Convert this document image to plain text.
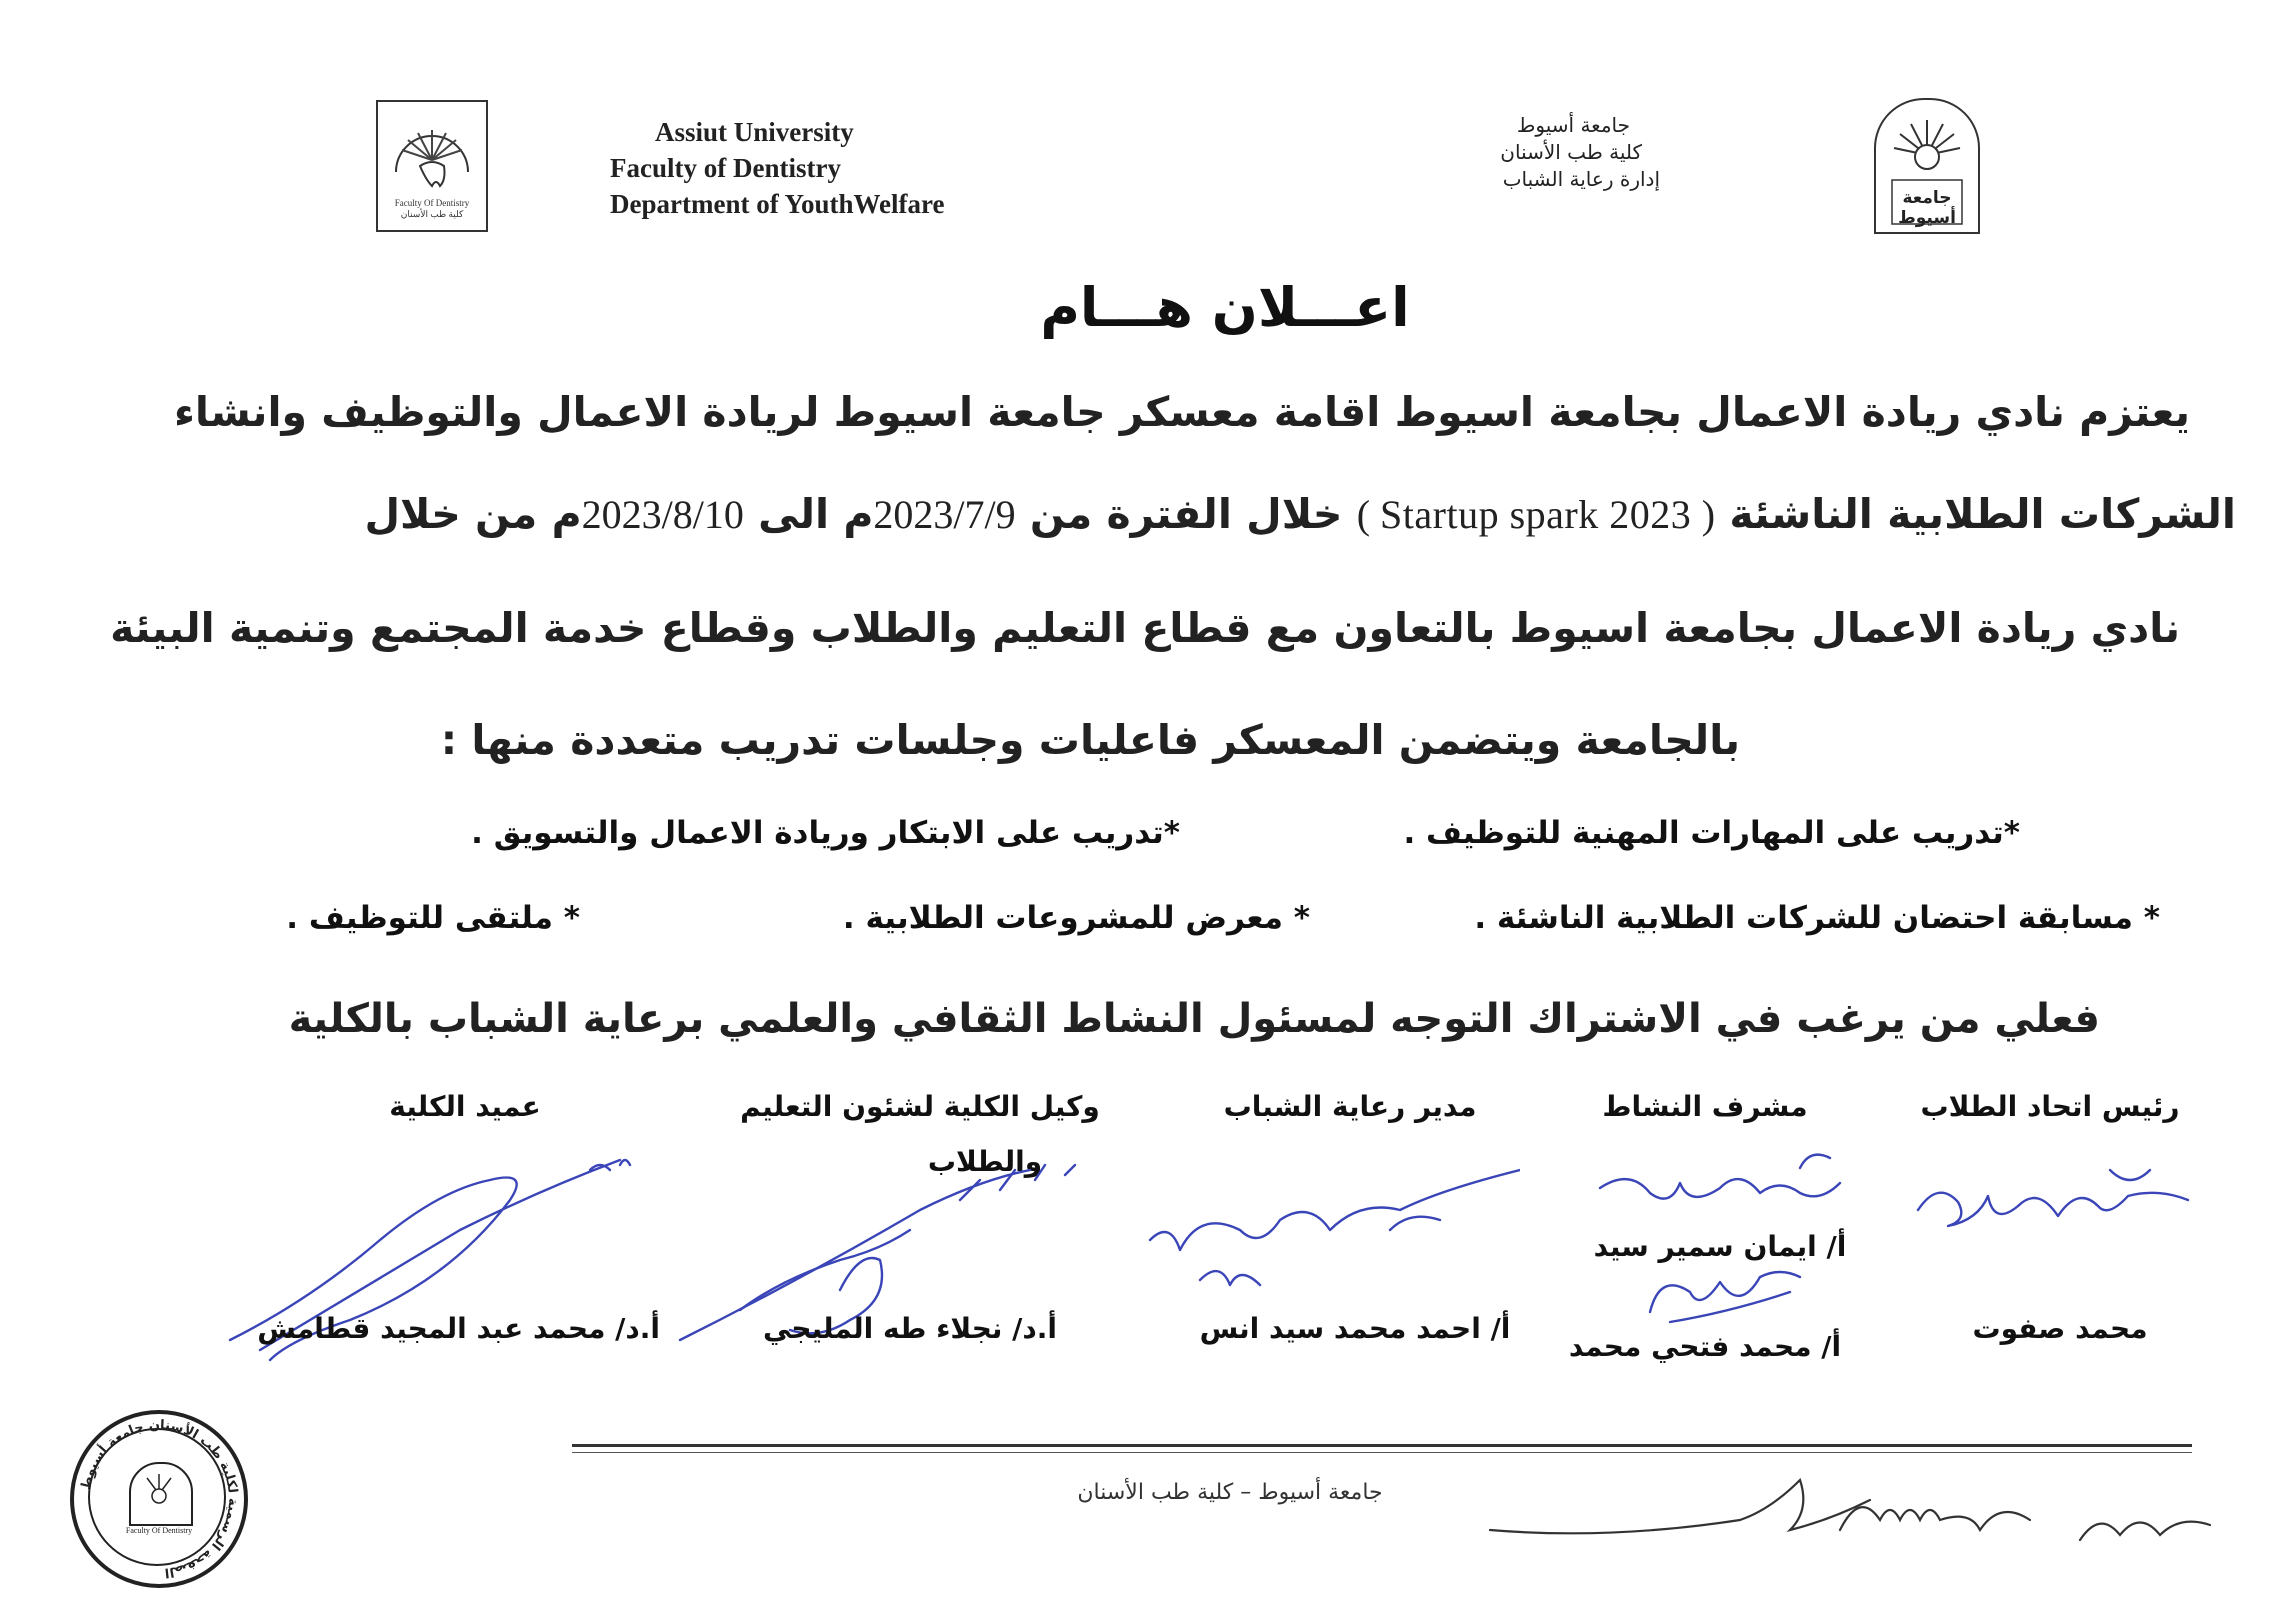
Faculty Of Dentistry
كلية طب الأسنان
Assiut University
Faculty of Dentistry
Department of YouthWelfare
جامعة أسيوط
كلية طب الأسنان
إدارة رعاية الشباب
جامعة أسيوط
اعـــلان هـــام
يعتزم نادي ريادة الاعمال بجامعة اسيوط اقامة معسكر جامعة اسيوط لريادة الاعمال والتوظيف وانشاء
الشركات الطلابية الناشئة ( Startup spark 2023 ) خلال الفترة من 2023/7/9م الى 2023/8/10م من خلال
نادي ريادة الاعمال بجامعة اسيوط بالتعاون مع قطاع التعليم والطلاب وقطاع خدمة المجتمع وتنمية البيئة
بالجامعة ويتضمن المعسكر فاعليات وجلسات تدريب متعددة منها :
*تدريب على المهارات المهنية للتوظيف .
*تدريب على الابتكار وريادة الاعمال والتسويق .
* مسابقة احتضان للشركات الطلابية الناشئة .
* معرض للمشروعات الطلابية .
* ملتقى للتوظيف .
فعلي من يرغب في الاشتراك التوجه لمسئول النشاط الثقافي والعلمي برعاية الشباب بالكلية
رئيس اتحاد الطلاب
مشرف النشاط
مدير رعاية الشباب
وكيل الكلية لشئون التعليم
والطلاب
عميد الكلية
أ/ ايمان سمير سيد
أ/ محمد فتحي محمد
محمد صفوت
أ/ احمد محمد سيد انس
أ.د/ نجلاء طه المليجي
أ.د/ محمد عبد المجيد قطامش
الصفحة الرسمية لكلية طب الأسنان جامعة أسيوط
Faculty Of Dentistry
جامعة أسيوط – كلية طب الأسنان
